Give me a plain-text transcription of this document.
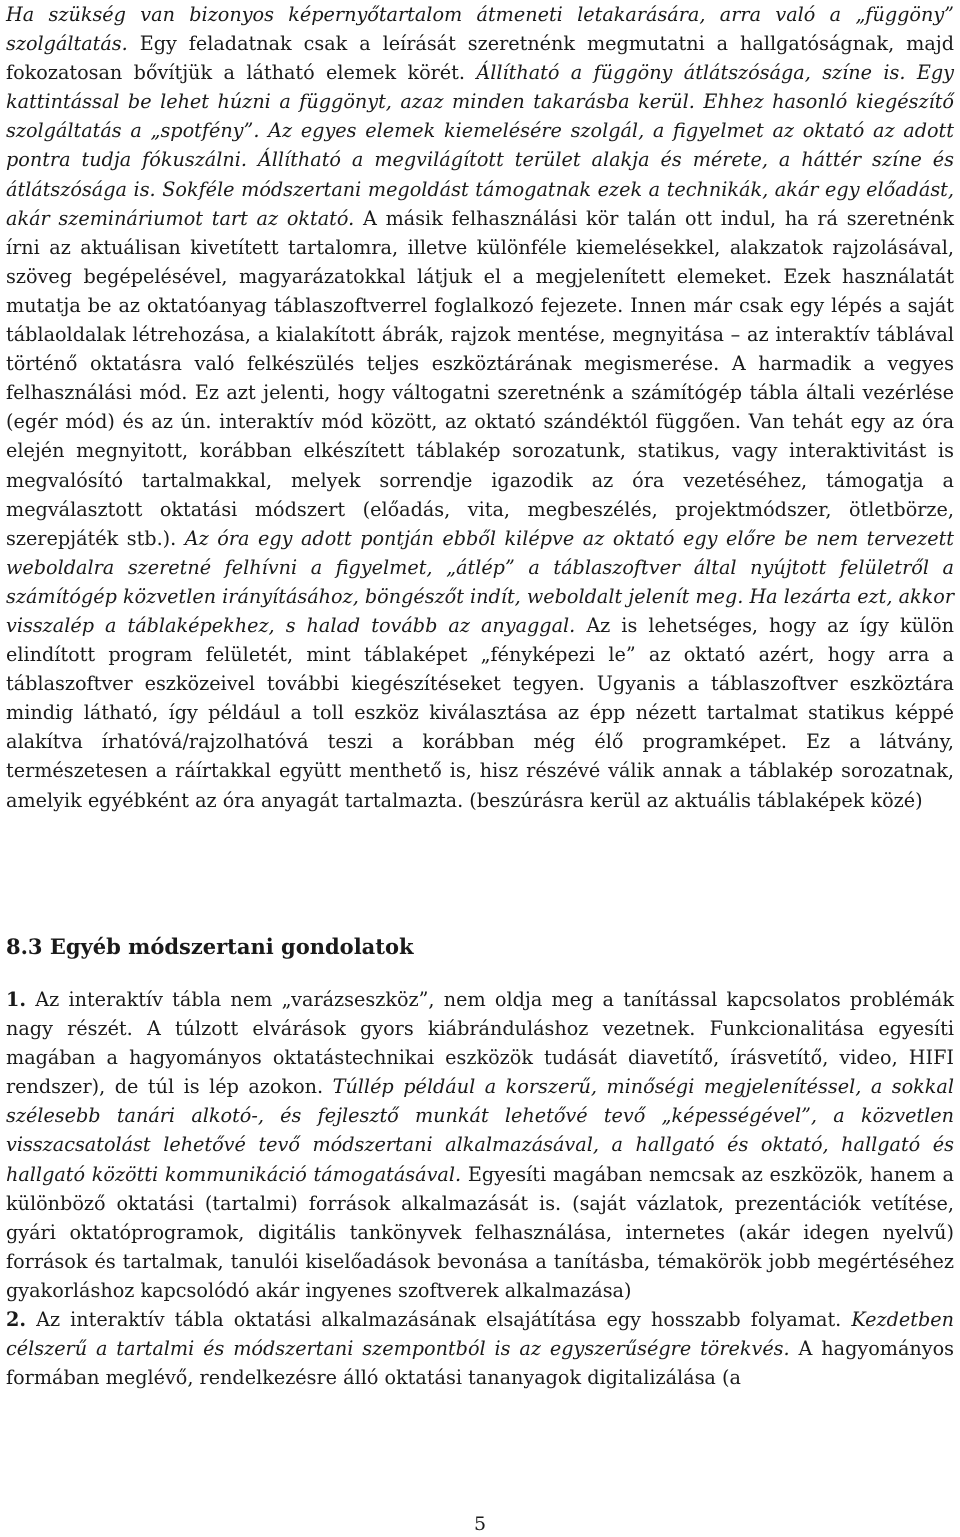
Ha szükség van bizonyos képernyőtartalom átmeneti letakarására, arra való a „függöny” szolgáltatás. Egy feladatnak csak a leírását szeretnénk megmutatni a hallgatóságnak, majd fokozatosan bővítjük a látható elemek körét. Állítható a függöny átlátszósága, színe is. Egy kattintással be lehet húzni a függönyt, azaz minden takarásba kerül. Ehhez hasonló kiegészítő szolgáltatás a „spotfény”. Az egyes elemek kiemelésére szolgál, a figyelmet az oktató az adott pontra tudja fókuszálni. Állítható a megvilágított terület alakja és mérete, a háttér színe és átlátszósága is. Sokféle módszertani megoldást támogatnak ezek a technikák, akár egy előadást, akár szemináriumot tart az oktató. A másik felhasználási kör talán ott indul, ha rá szeretnénk írni az aktuálisan kivetített tartalomra, illetve különféle kiemelésekkel, alakzatok rajzolásával, szöveg begépelésével, magyarázatokkal látjuk el a megjelenített elemeket. Ezek használatát mutatja be az oktatóanyag táblaszoftverrel foglalkozó fejezete. Innen már csak egy lépés a saját táblaoldalak létrehozása, a kialakított ábrák, rajzok mentése, megnyitása – az interaktív táblával történő oktatásra való felkészülés teljes eszköztárának megismerése. A harmadik a vegyes felhasználási mód. Ez azt jelenti, hogy váltogatni szeretnénk a számítógép tábla általi vezérlése (egér mód) és az ún. interaktív mód között, az oktató szándéktól függően. Van tehát egy az óra elején megnyitott, korábban elkészített táblakép sorozatunk, statikus, vagy interaktivitást is megvalósító tartalmakkal, melyek sorrendje igazodik az óra vezetéséhez, támogatja a megválasztott oktatási módszert (előadás, vita, megbeszélés, projektmódszer, ötletbörze, szerepjáték stb.). Az óra egy adott pontján ebből kilépve az oktató egy előre be nem tervezett weboldalra szeretné felhívni a figyelmet, „átlép” a táblaszoftver által nyújtott felületről a számítógép közvetlen irányításához, böngészőt indít, weboldalt jelenít meg. Ha lezárta ezt, akkor visszalép a táblaképekhez, s halad tovább az anyaggal. Az is lehetséges, hogy az így külön elindított program felületét, mint táblaképet „fényképezi le” az oktató azért, hogy arra a táblaszoftver eszközeivel további kiegészítéseket tegyen. Ugyanis a táblaszoftver eszköztára mindig látható, így például a toll eszköz kiválasztása az épp nézett tartalmat statikus képpé alakítva írhatóvá/rajzolhatóvá teszi a korábban még élő programképet. Ez a látvány, természetesen a ráírtakkal együtt menthető is, hisz részévé válik annak a táblakép sorozatnak, amelyik egyébként az óra anyagát tartalmazta. (beszúrásra kerül az aktuális táblaképek közé)

8.3 Egyéb módszertani gondolatok

1. Az interaktív tábla nem „varázseszköz”, nem oldja meg a tanítással kapcsolatos problémák nagy részét. A túlzott elvárások gyors kiábránduláshoz vezetnek. Funkcionalitása egyesíti magában a hagyományos oktatástechnikai eszközök tudását diavetítő, írásvetítő, video, HIFI rendszer), de túl is lép azokon. Túllép például a korszerű, minőségi megjelenítéssel, a sokkal szélesebb tanári alkotó-, és fejlesztő munkát lehetővé tevő „képességével”, a közvetlen visszacsatolást lehetővé tevő módszertani alkalmazásával, a hallgató és oktató, hallgató és hallgató közötti kommunikáció támogatásával. Egyesíti magában nemcsak az eszközök, hanem a különböző oktatási (tartalmi) források alkalmazását is. (saját vázlatok, prezentációk vetítése, gyári oktatóprogramok, digitális tankönyvek felhasználása, internetes (akár idegen nyelvű) források és tartalmak, tanulói kiselőadások bevonása a tanításba, témakörök jobb megértéséhez gyakorláshoz kapcsolódó akár ingyenes szoftverek alkalmazása)

2. Az interaktív tábla oktatási alkalmazásának elsajátítása egy hosszabb folyamat. Kezdetben célszerű a tartalmi és módszertani szempontból is az egyszerűségre törekvés. A hagyományos formában meglévő, rendelkezésre álló oktatási tananyagok digitalizálása (a

5
